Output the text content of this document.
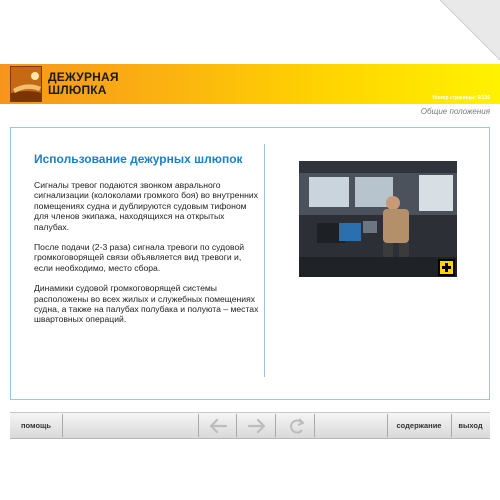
ДЕЖУРНАЯ
ШЛЮПКА
Номер страницы: 6/136
Общие положения
Использование дежурных шлюпок

Сигналы тревог подаются звонком аврального сигнализации (колоколами громкого боя) во внутренних помещениях судна и дублируются судовым тифоном для членов экипажа, находящихся на открытых палубах.

После подачи (2-3 раза) сигнала тревоги по судовой громкоговорящей связи объявляется вид тревоги и, если необходимо, место сбора.

Динамики судовой громкоговорящей системы расположены во всех жилых и служебных помещениях судна, а также на палубах полубака и полуюта – местах швартовных операций.

помощь	содержание	выход
